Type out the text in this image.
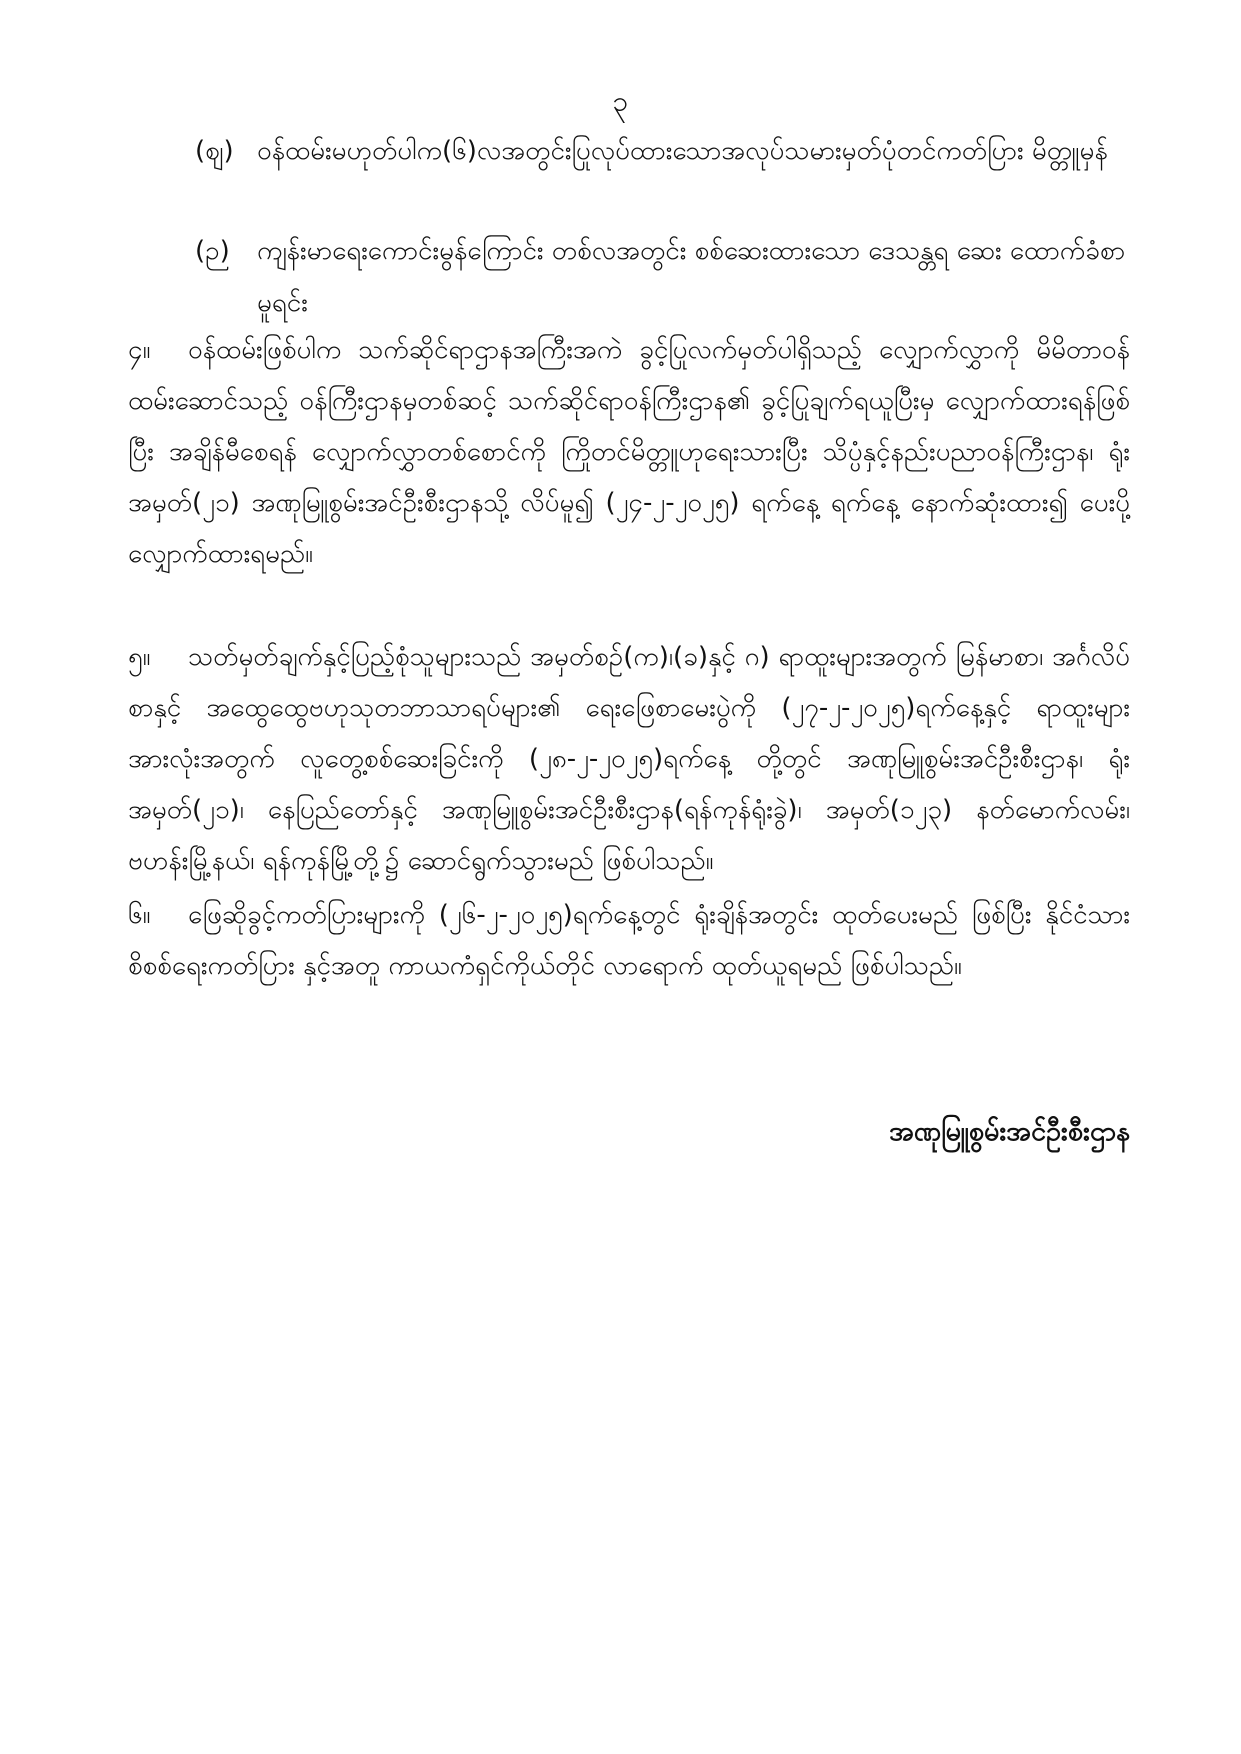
၃
(ဈ) ဝန်ထမ်းမဟုတ်ပါက(၆)လအတွင်းပြုလုပ်ထားသောအလုပ်သမားမှတ်ပုံတင်ကတ်ပြား မိတ္တူမှန်
(ဉ)	ကျန်းမာရေးကောင်းမွန်ကြောင်း တစ်လအတွင်း စစ်ဆေးထားသော ဒေသန္တရ ဆေး ထောက်ခံစာမူရင်း
၄။ ဝန်ထမ်းဖြစ်ပါက သက်ဆိုင်ရာဌာနအကြီးအကဲ ခွင့်ပြုလက်မှတ်ပါရှိသည့် လျှောက်လွှာကို မိမိတာဝန်ထမ်းဆောင်သည့် ဝန်ကြီးဌာနမှတစ်ဆင့် သက်ဆိုင်ရာဝန်ကြီးဌာန၏ ခွင့်ပြုချက်ရယူပြီးမှ လျှောက်ထားရန်ဖြစ်ပြီး အချိန်မီစေရန် လျှောက်လွှာတစ်စောင်ကို ကြိုတင်မိတ္တူဟုရေးသားပြီး သိပ္ပံနှင့်နည်းပညာဝန်ကြီးဌာန၊ ရုံးအမှတ်(၂၁) အဏုမြူစွမ်းအင်ဦးစီးဌာနသို့ လိပ်မူ၍ (၂၄-၂-၂၀၂၅) ရက်နေ့ ရက်နေ့ နောက်ဆုံးထား၍ ပေးပို့လျှောက်ထားရမည်။
၅။ သတ်မှတ်ချက်နှင့်ပြည့်စုံသူများသည် အမှတ်စဉ်(က)၊(ခ)နှင့် ဂ) ရာထူးများအတွက် မြန်မာစာ၊ အင်္ဂလိပ်စာနှင့် အထွေထွေဗဟုသုတဘာသာရပ်များ၏ ရေးဖြေစာမေးပွဲကို (၂၇-၂-၂၀၂၅)ရက်နေ့နှင့် ရာထူးများအားလုံးအတွက် လူတွေ့စစ်ဆေးခြင်းကို (၂၈-၂-၂၀၂၅)ရက်နေ့ တို့တွင် အဏုမြူစွမ်းအင်ဦးစီးဌာန၊ ရုံးအမှတ်(၂၁)၊ နေပြည်တော်နှင့် အဏုမြူစွမ်းအင်ဦးစီးဌာန(ရန်ကုန်ရုံးခွဲ)၊ အမှတ်(၁၂၃) နတ်မောက်လမ်း၊ ဗဟန်းမြို့နယ်၊ ရန်ကုန်မြို့တို့၌ ဆောင်ရွက်သွားမည် ဖြစ်ပါသည်။
၆။ ဖြေဆိုခွင့်ကတ်ပြားများကို (၂၆-၂-၂၀၂၅)ရက်နေ့တွင် ရုံးချိန်အတွင်း ထုတ်ပေးမည် ဖြစ်ပြီး နိုင်ငံသားစိစစ်ရေးကတ်ပြား နှင့်အတူ ကာယကံရှင်ကိုယ်တိုင် လာရောက် ထုတ်ယူရမည် ဖြစ်ပါသည်။
အဏုမြူစွမ်းအင်ဦးစီးဌာန
